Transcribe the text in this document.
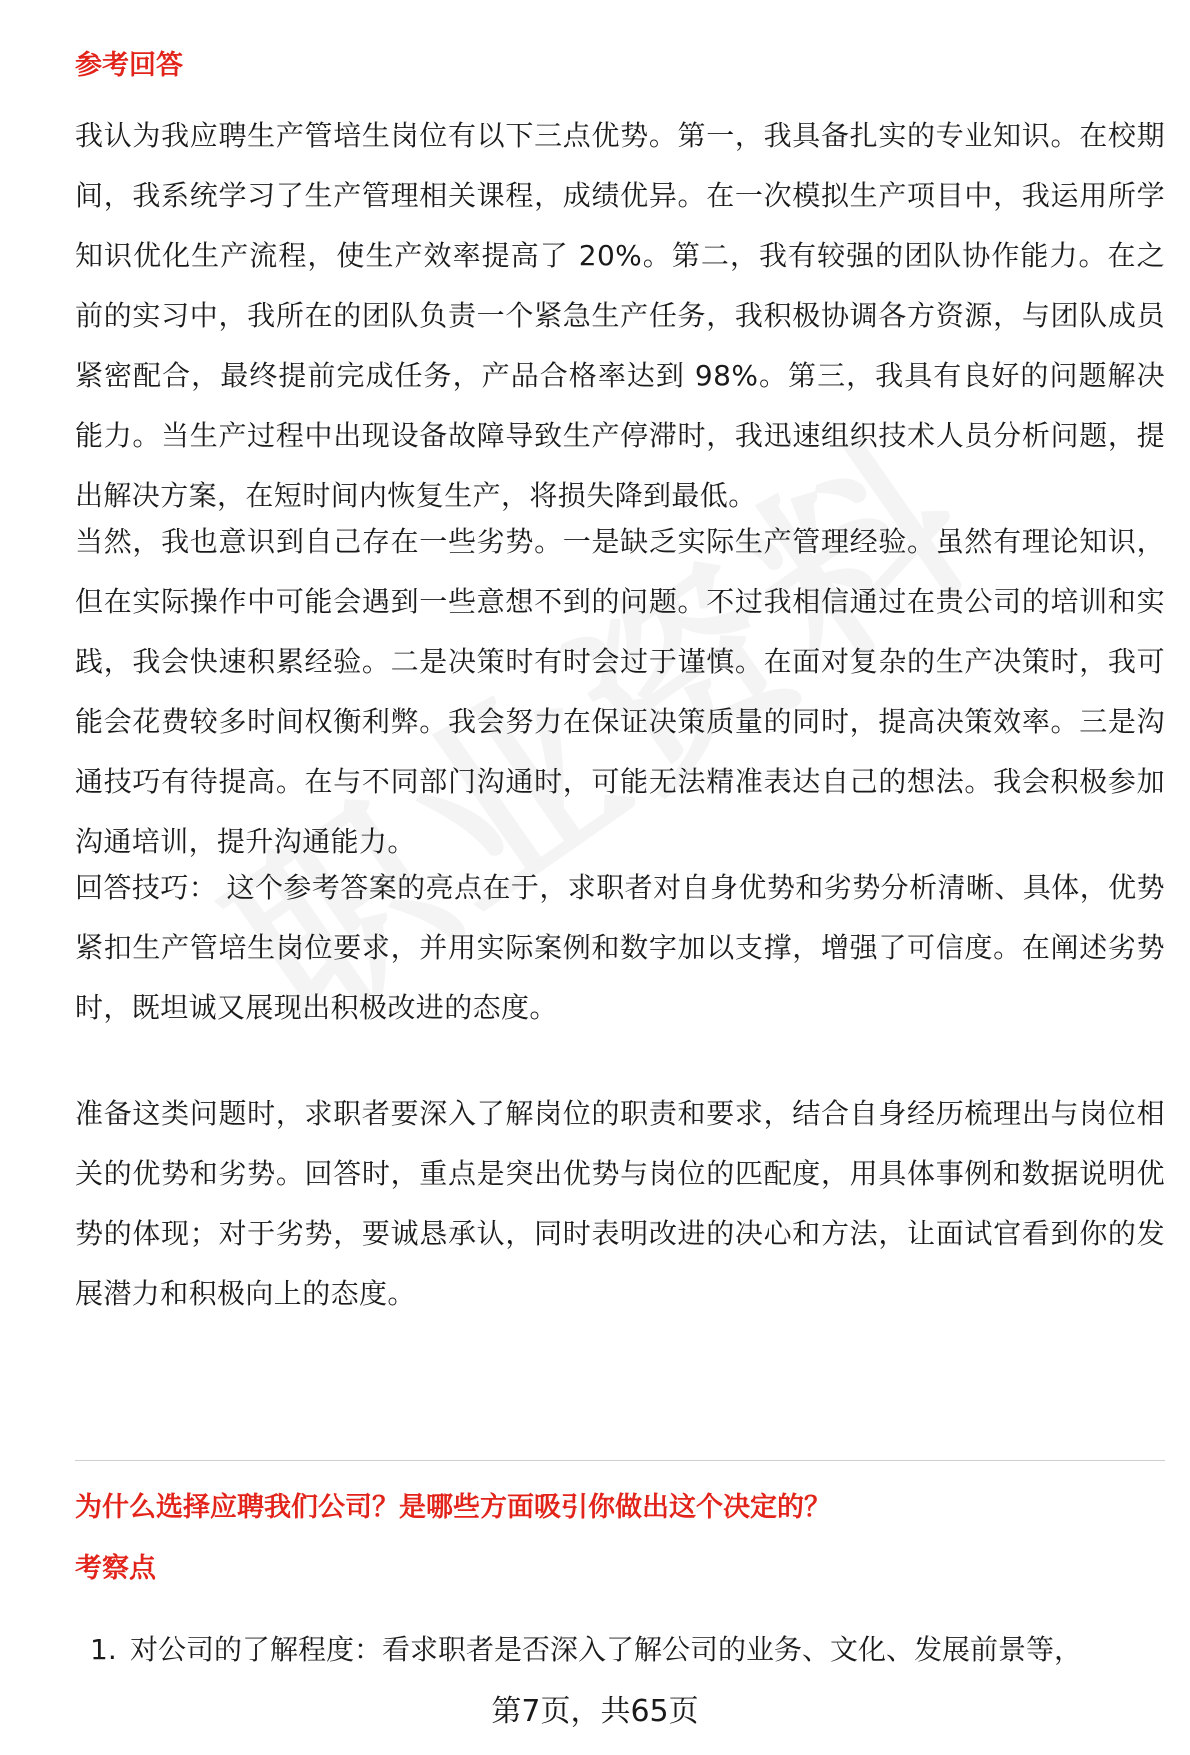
参考回答

我认为我应聘生产管培生岗位有以下三点优势。第一，我具备扎实的专业知识。在校期间，我系统学习了生产管理相关课程，成绩优异。在一次模拟生产项目中，我运用所学知识优化生产流程，使生产效率提高了 20%。第二，我有较强的团队协作能力。在之前的实习中，我所在的团队负责一个紧急生产任务，我积极协调各方资源，与团队成员紧密配合，最终提前完成任务，产品合格率达到 98%。第三，我具有良好的问题解决能力。当生产过程中出现设备故障导致生产停滞时，我迅速组织技术人员分析问题，提出解决方案，在短时间内恢复生产，将损失降到最低。

当然，我也意识到自己存在一些劣势。一是缺乏实际生产管理经验。虽然有理论知识，但在实际操作中可能会遇到一些意想不到的问题。不过我相信通过在贵公司的培训和实践，我会快速积累经验。二是决策时有时会过于谨慎。在面对复杂的生产决策时，我可能会花费较多时间权衡利弊。我会努力在保证决策质量的同时，提高决策效率。三是沟通技巧有待提高。在与不同部门沟通时，可能无法精准表达自己的想法。我会积极参加沟通培训，提升沟通能力。

回答技巧： 这个参考答案的亮点在于，求职者对自身优势和劣势分析清晰、具体，优势紧扣生产管培生岗位要求，并用实际案例和数字加以支撑，增强了可信度。在阐述劣势时，既坦诚又展现出积极改进的态度。

准备这类问题时，求职者要深入了解岗位的职责和要求，结合自身经历梳理出与岗位相关的优势和劣势。回答时，重点是突出优势与岗位的匹配度，用具体事例和数据说明优势的体现；对于劣势，要诚恳承认，同时表明改进的决心和方法，让面试官看到你的发展潜力和积极向上的态度。

为什么选择应聘我们公司？是哪些方面吸引你做出这个决定的？
考察点
1. 对公司的了解程度：看求职者是否深入了解公司的业务、文化、发展前景等，
第7页，共65页
